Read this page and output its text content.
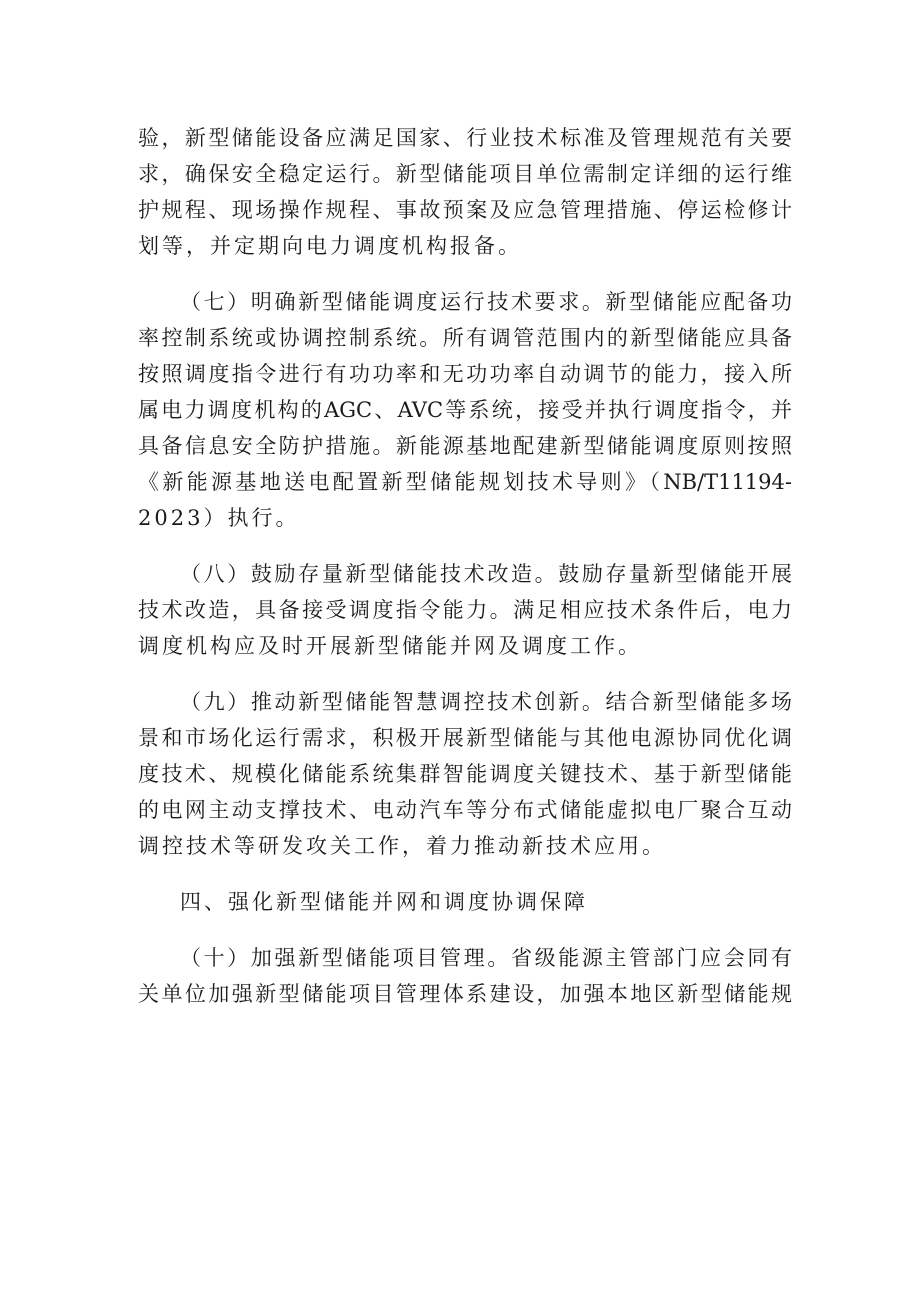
验，新型储能设备应满足国家、行业技术标准及管理规范有关要
求，确保安全稳定运行。新型储能项目单位需制定详细的运行维
护规程、现场操作规程、事故预案及应急管理措施、停运检修计
划等，并定期向电力调度机构报备。
（七）明确新型储能调度运行技术要求。新型储能应配备功
率控制系统或协调控制系统。所有调管范围内的新型储能应具备
按照调度指令进行有功功率和无功功率自动调节的能力，接入所
属电力调度机构的AGC、AVC等系统，接受并执行调度指令，并
具备信息安全防护措施。新能源基地配建新型储能调度原则按照
《新能源基地送电配置新型储能规划技术导则》（NB/T11194-
2023）执行。
（八）鼓励存量新型储能技术改造。鼓励存量新型储能开展
技术改造，具备接受调度指令能力。满足相应技术条件后，电力
调度机构应及时开展新型储能并网及调度工作。
（九）推动新型储能智慧调控技术创新。结合新型储能多场
景和市场化运行需求，积极开展新型储能与其他电源协同优化调
度技术、规模化储能系统集群智能调度关键技术、基于新型储能
的电网主动支撑技术、电动汽车等分布式储能虚拟电厂聚合互动
调控技术等研发攻关工作，着力推动新技术应用。
四、强化新型储能并网和调度协调保障
（十）加强新型储能项目管理。省级能源主管部门应会同有
关单位加强新型储能项目管理体系建设，加强本地区新型储能规
